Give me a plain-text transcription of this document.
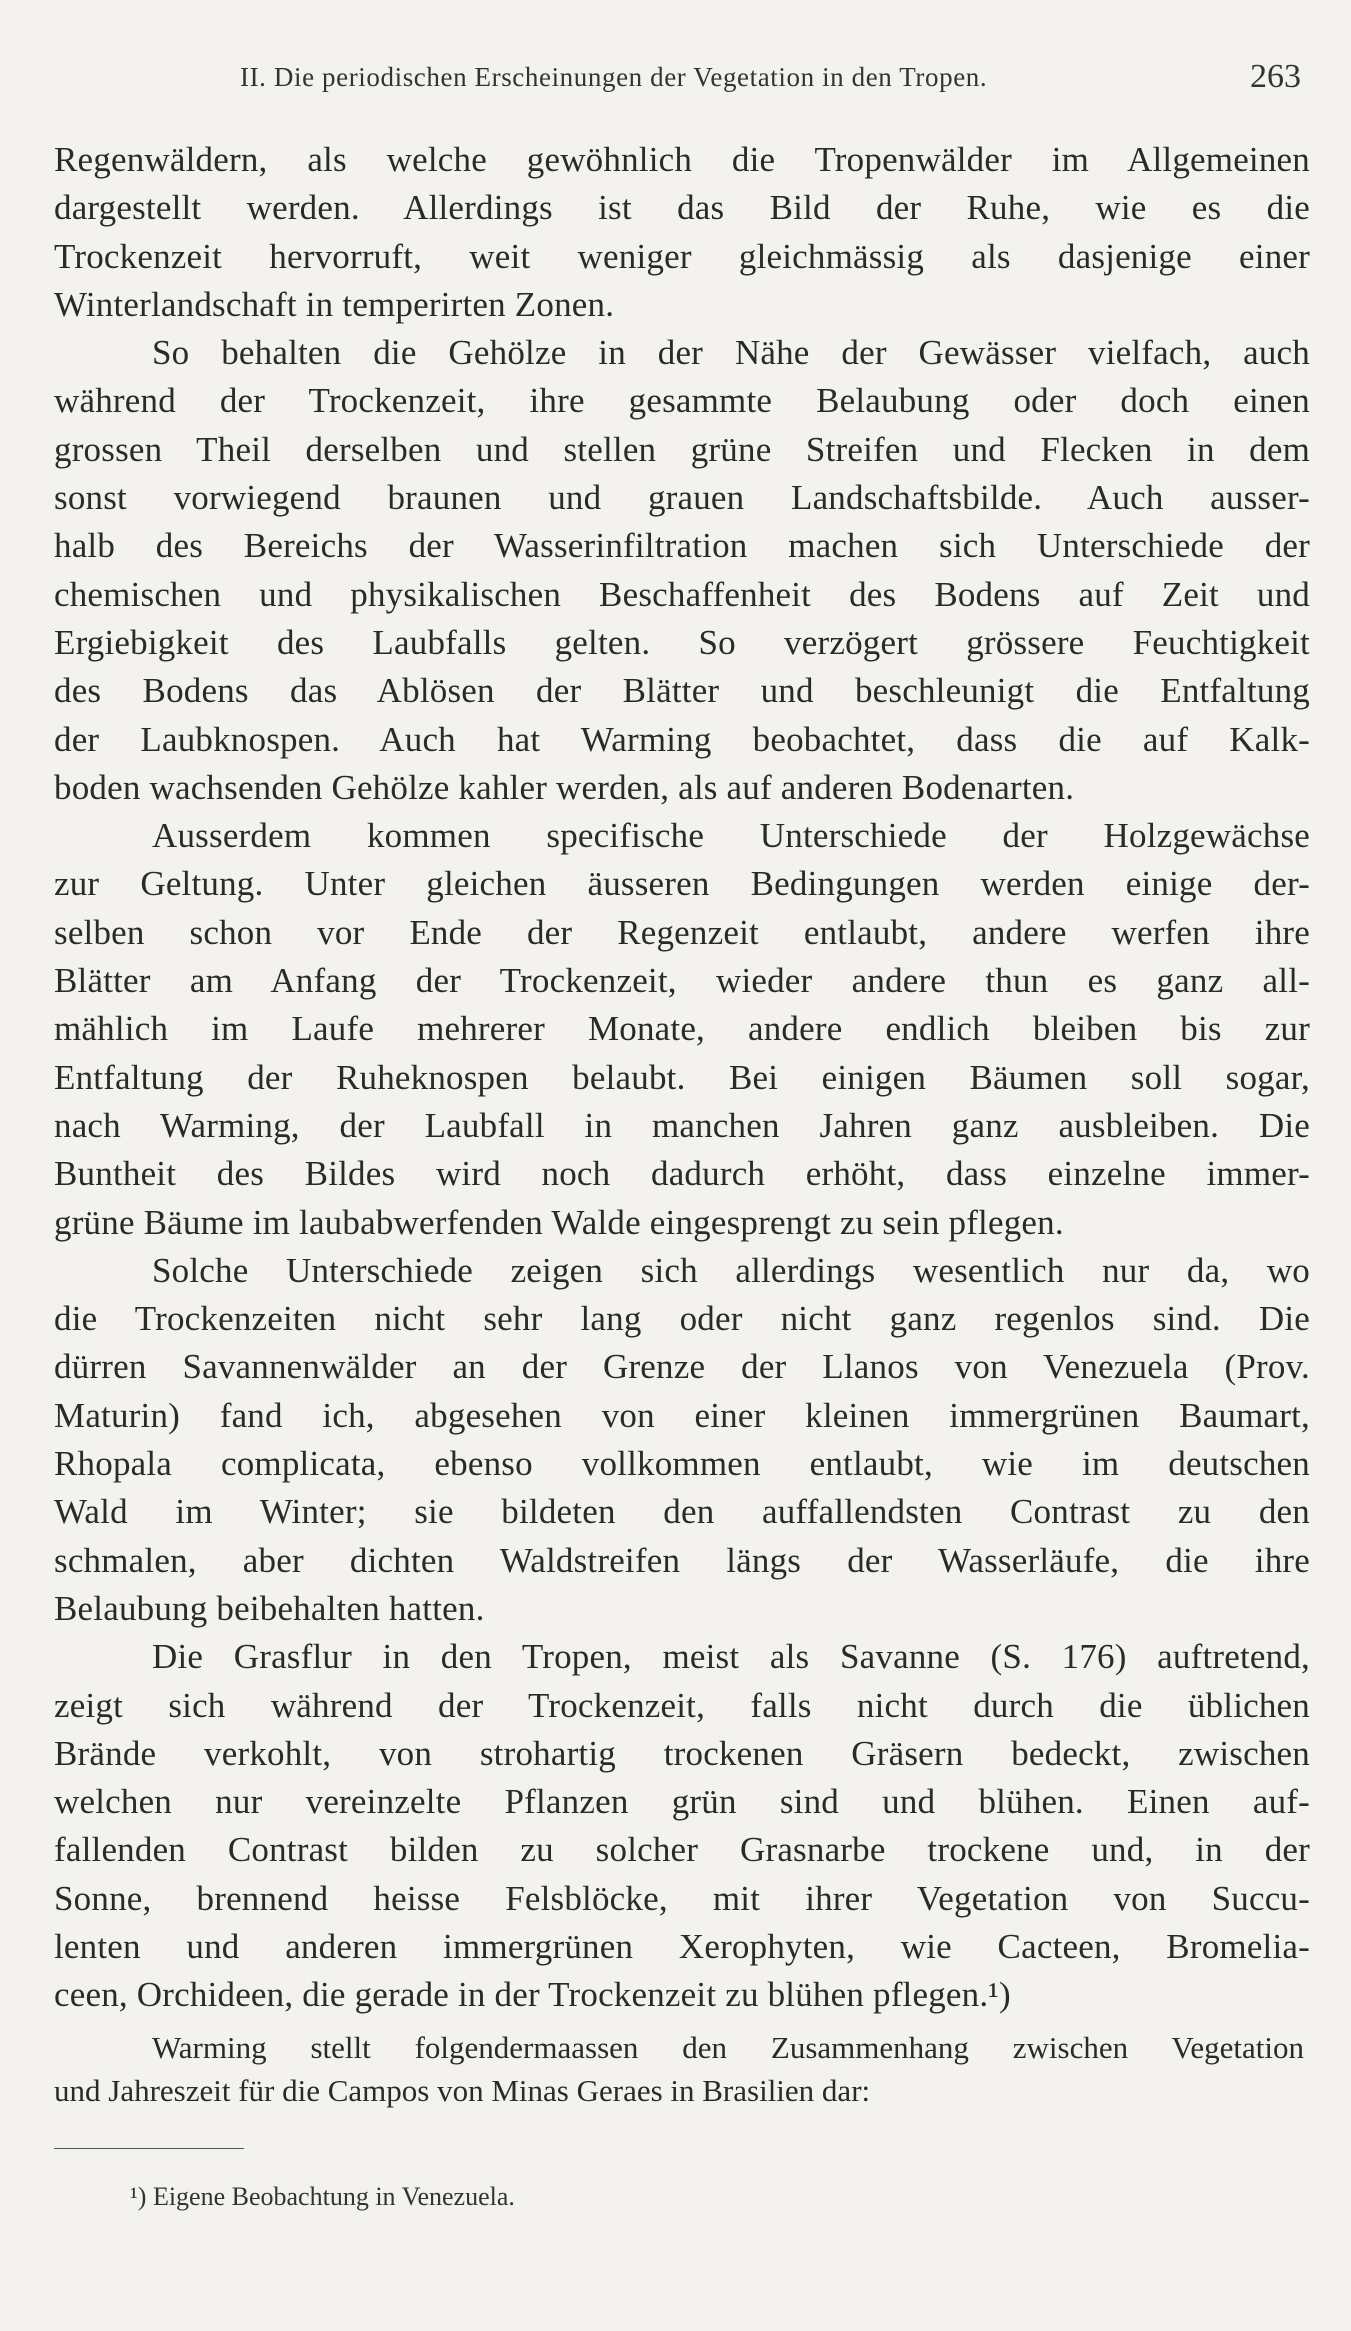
II. Die periodischen Erscheinungen der Vegetation in den Tropen.	263
Regenwäldern, als welche gewöhnlich die Tropenwälder im Allgemeinen
dargestellt werden. Allerdings ist das Bild der Ruhe, wie es die
Trockenzeit hervorruft, weit weniger gleichmässig als dasjenige einer
Winterlandschaft in temperirten Zonen.
So behalten die Gehölze in der Nähe der Gewässer vielfach, auch
während der Trockenzeit, ihre gesammte Belaubung oder doch einen
grossen Theil derselben und stellen grüne Streifen und Flecken in dem
sonst vorwiegend braunen und grauen Landschaftsbilde. Auch ausser-
halb des Bereichs der Wasserinfiltration machen sich Unterschiede der
chemischen und physikalischen Beschaffenheit des Bodens auf Zeit und
Ergiebigkeit des Laubfalls gelten. So verzögert grössere Feuchtigkeit
des Bodens das Ablösen der Blätter und beschleunigt die Entfaltung
der Laubknospen. Auch hat Warming beobachtet, dass die auf Kalk-
boden wachsenden Gehölze kahler werden, als auf anderen Bodenarten.
Ausserdem kommen specifische Unterschiede der Holzgewächse
zur Geltung. Unter gleichen äusseren Bedingungen werden einige der-
selben schon vor Ende der Regenzeit entlaubt, andere werfen ihre
Blätter am Anfang der Trockenzeit, wieder andere thun es ganz all-
mählich im Laufe mehrerer Monate, andere endlich bleiben bis zur
Entfaltung der Ruheknospen belaubt. Bei einigen Bäumen soll sogar,
nach Warming, der Laubfall in manchen Jahren ganz ausbleiben. Die
Buntheit des Bildes wird noch dadurch erhöht, dass einzelne immer-
grüne Bäume im laubabwerfenden Walde eingesprengt zu sein pflegen.
Solche Unterschiede zeigen sich allerdings wesentlich nur da, wo
die Trockenzeiten nicht sehr lang oder nicht ganz regenlos sind. Die
dürren Savannenwälder an der Grenze der Llanos von Venezuela (Prov.
Maturin) fand ich, abgesehen von einer kleinen immergrünen Baumart,
Rhopala complicata, ebenso vollkommen entlaubt, wie im deutschen
Wald im Winter; sie bildeten den auffallendsten Contrast zu den
schmalen, aber dichten Waldstreifen längs der Wasserläufe, die ihre
Belaubung beibehalten hatten.
Die Grasflur in den Tropen, meist als Savanne (S. 176) auftretend,
zeigt sich während der Trockenzeit, falls nicht durch die üblichen
Brände verkohlt, von strohartig trockenen Gräsern bedeckt, zwischen
welchen nur vereinzelte Pflanzen grün sind und blühen. Einen auf-
fallenden Contrast bilden zu solcher Grasnarbe trockene und, in der
Sonne, brennend heisse Felsblöcke, mit ihrer Vegetation von Succu-
lenten und anderen immergrünen Xerophyten, wie Cacteen, Bromelia-
ceen, Orchideen, die gerade in der Trockenzeit zu blühen pflegen.¹)
Warming stellt folgendermaassen den Zusammenhang zwischen Vegetation
und Jahreszeit für die Campos von Minas Geraes in Brasilien dar:
¹) Eigene Beobachtung in Venezuela.
